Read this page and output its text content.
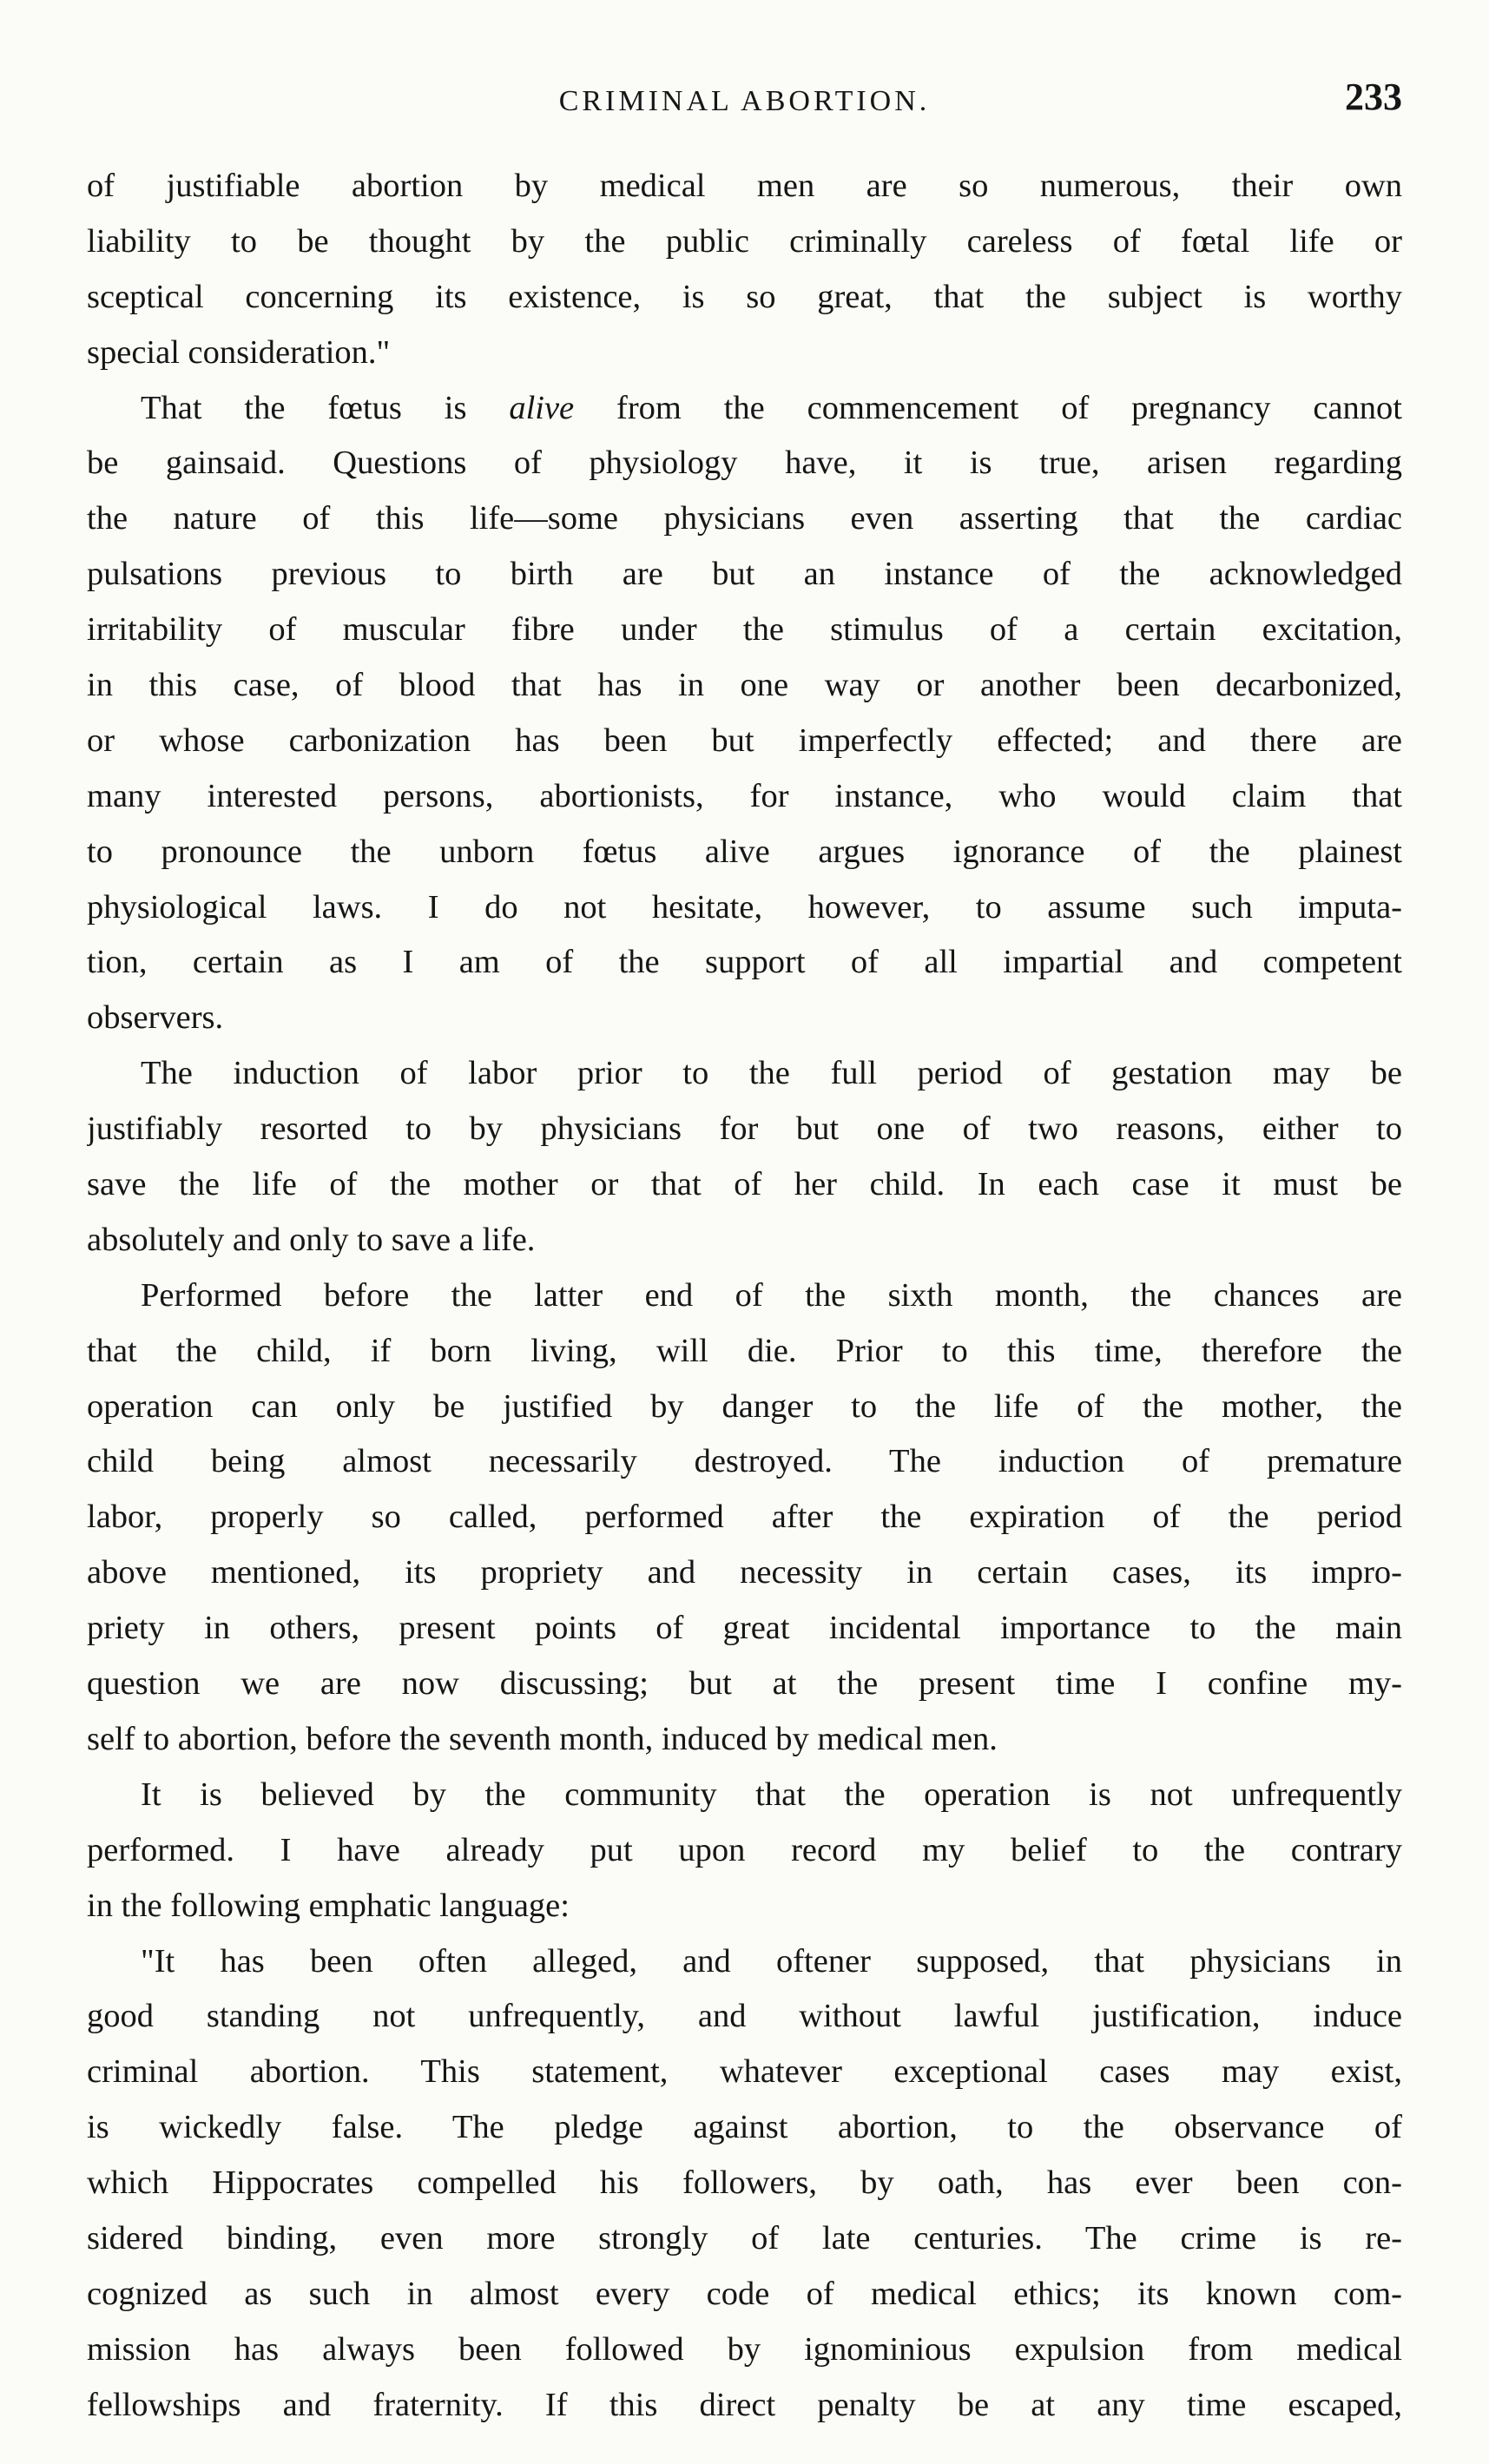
CRIMINAL ABORTION.	233
of justifiable abortion by medical men are so numerous, their own
liability to be thought by the public criminally careless of fœtal life or
sceptical concerning its existence, is so great, that the subject is worthy
special consideration."
That the fœtus is alive from the commencement of pregnancy cannot
be gainsaid. Questions of physiology have, it is true, arisen regarding
the nature of this life—some physicians even asserting that the cardiac
pulsations previous to birth are but an instance of the acknowledged
irritability of muscular fibre under the stimulus of a certain excitation,
in this case, of blood that has in one way or another been decarbonized,
or whose carbonization has been but imperfectly effected; and there are
many interested persons, abortionists, for instance, who would claim that
to pronounce the unborn fœtus alive argues ignorance of the plainest
physiological laws. I do not hesitate, however, to assume such imputa-
tion, certain as I am of the support of all impartial and competent
observers.
The induction of labor prior to the full period of gestation may be
justifiably resorted to by physicians for but one of two reasons, either to
save the life of the mother or that of her child. In each case it must be
absolutely and only to save a life.
Performed before the latter end of the sixth month, the chances are
that the child, if born living, will die. Prior to this time, therefore the
operation can only be justified by danger to the life of the mother, the
child being almost necessarily destroyed. The induction of premature
labor, properly so called, performed after the expiration of the period
above mentioned, its propriety and necessity in certain cases, its impro-
priety in others, present points of great incidental importance to the main
question we are now discussing; but at the present time I confine my-
self to abortion, before the seventh month, induced by medical men.
It is believed by the community that the operation is not unfrequently
performed. I have already put upon record my belief to the contrary
in the following emphatic language:
"It has been often alleged, and oftener supposed, that physicians in
good standing not unfrequently, and without lawful justification, induce
criminal abortion. This statement, whatever exceptional cases may exist,
is wickedly false. The pledge against abortion, to the observance of
which Hippocrates compelled his followers, by oath, has ever been con-
sidered binding, even more strongly of late centuries. The crime is re-
cognized as such in almost every code of medical ethics; its known com-
mission has always been followed by ignominious expulsion from medical
fellowships and fraternity. If this direct penalty be at any time escaped,
